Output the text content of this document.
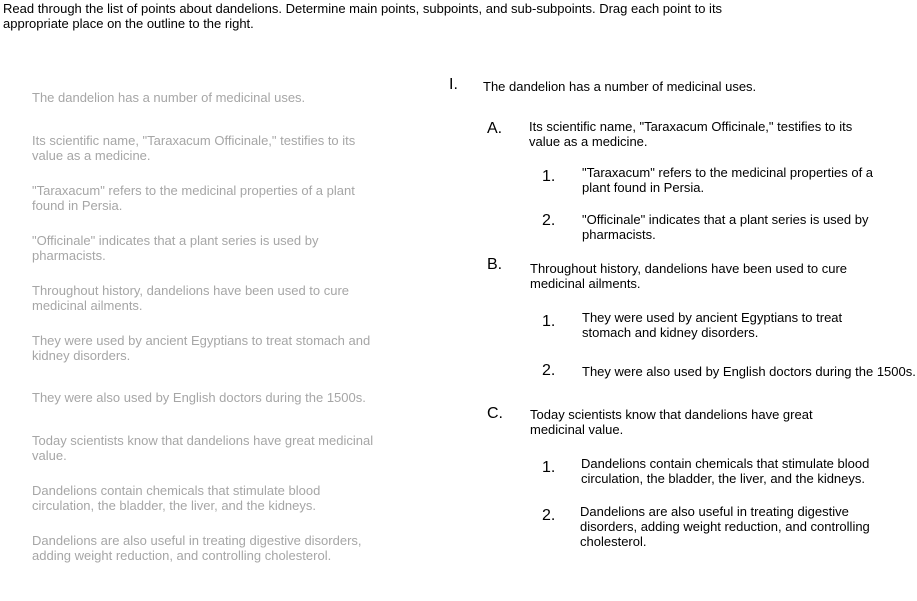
Read through the list of points about dandelions. Determine main points, subpoints, and sub-subpoints. Drag each point to its appropriate place on the outline to the right.

The dandelion has a number of medicinal uses.
Its scientific name, "Taraxacum Officinale," testifies to its value as a medicine.
"Taraxacum" refers to the medicinal properties of a plant found in Persia.
"Officinale" indicates that a plant series is used by pharmacists.
Throughout history, dandelions have been used to cure medicinal ailments.
They were used by ancient Egyptians to treat stomach and kidney disorders.
They were also used by English doctors during the 1500s.
Today scientists know that dandelions have great medicinal value.
Dandelions contain chemicals that stimulate blood circulation, the bladder, the liver, and the kidneys.
Dandelions are also useful in treating digestive disorders, adding weight reduction, and controlling cholesterol.
I. The dandelion has a number of medicinal uses.
A. Its scientific name, "Taraxacum Officinale," testifies to its value as a medicine.
1. "Taraxacum" refers to the medicinal properties of a plant found in Persia.
2. "Officinale" indicates that a plant series is used by pharmacists.
B. Throughout history, dandelions have been used to cure medicinal ailments.
1. They were used by ancient Egyptians to treat stomach and kidney disorders.
2. They were also used by English doctors during the 1500s.
C. Today scientists know that dandelions have great medicinal value.
1. Dandelions contain chemicals that stimulate blood circulation, the bladder, the liver, and the kidneys.
2. Dandelions are also useful in treating digestive disorders, adding weight reduction, and controlling cholesterol.
